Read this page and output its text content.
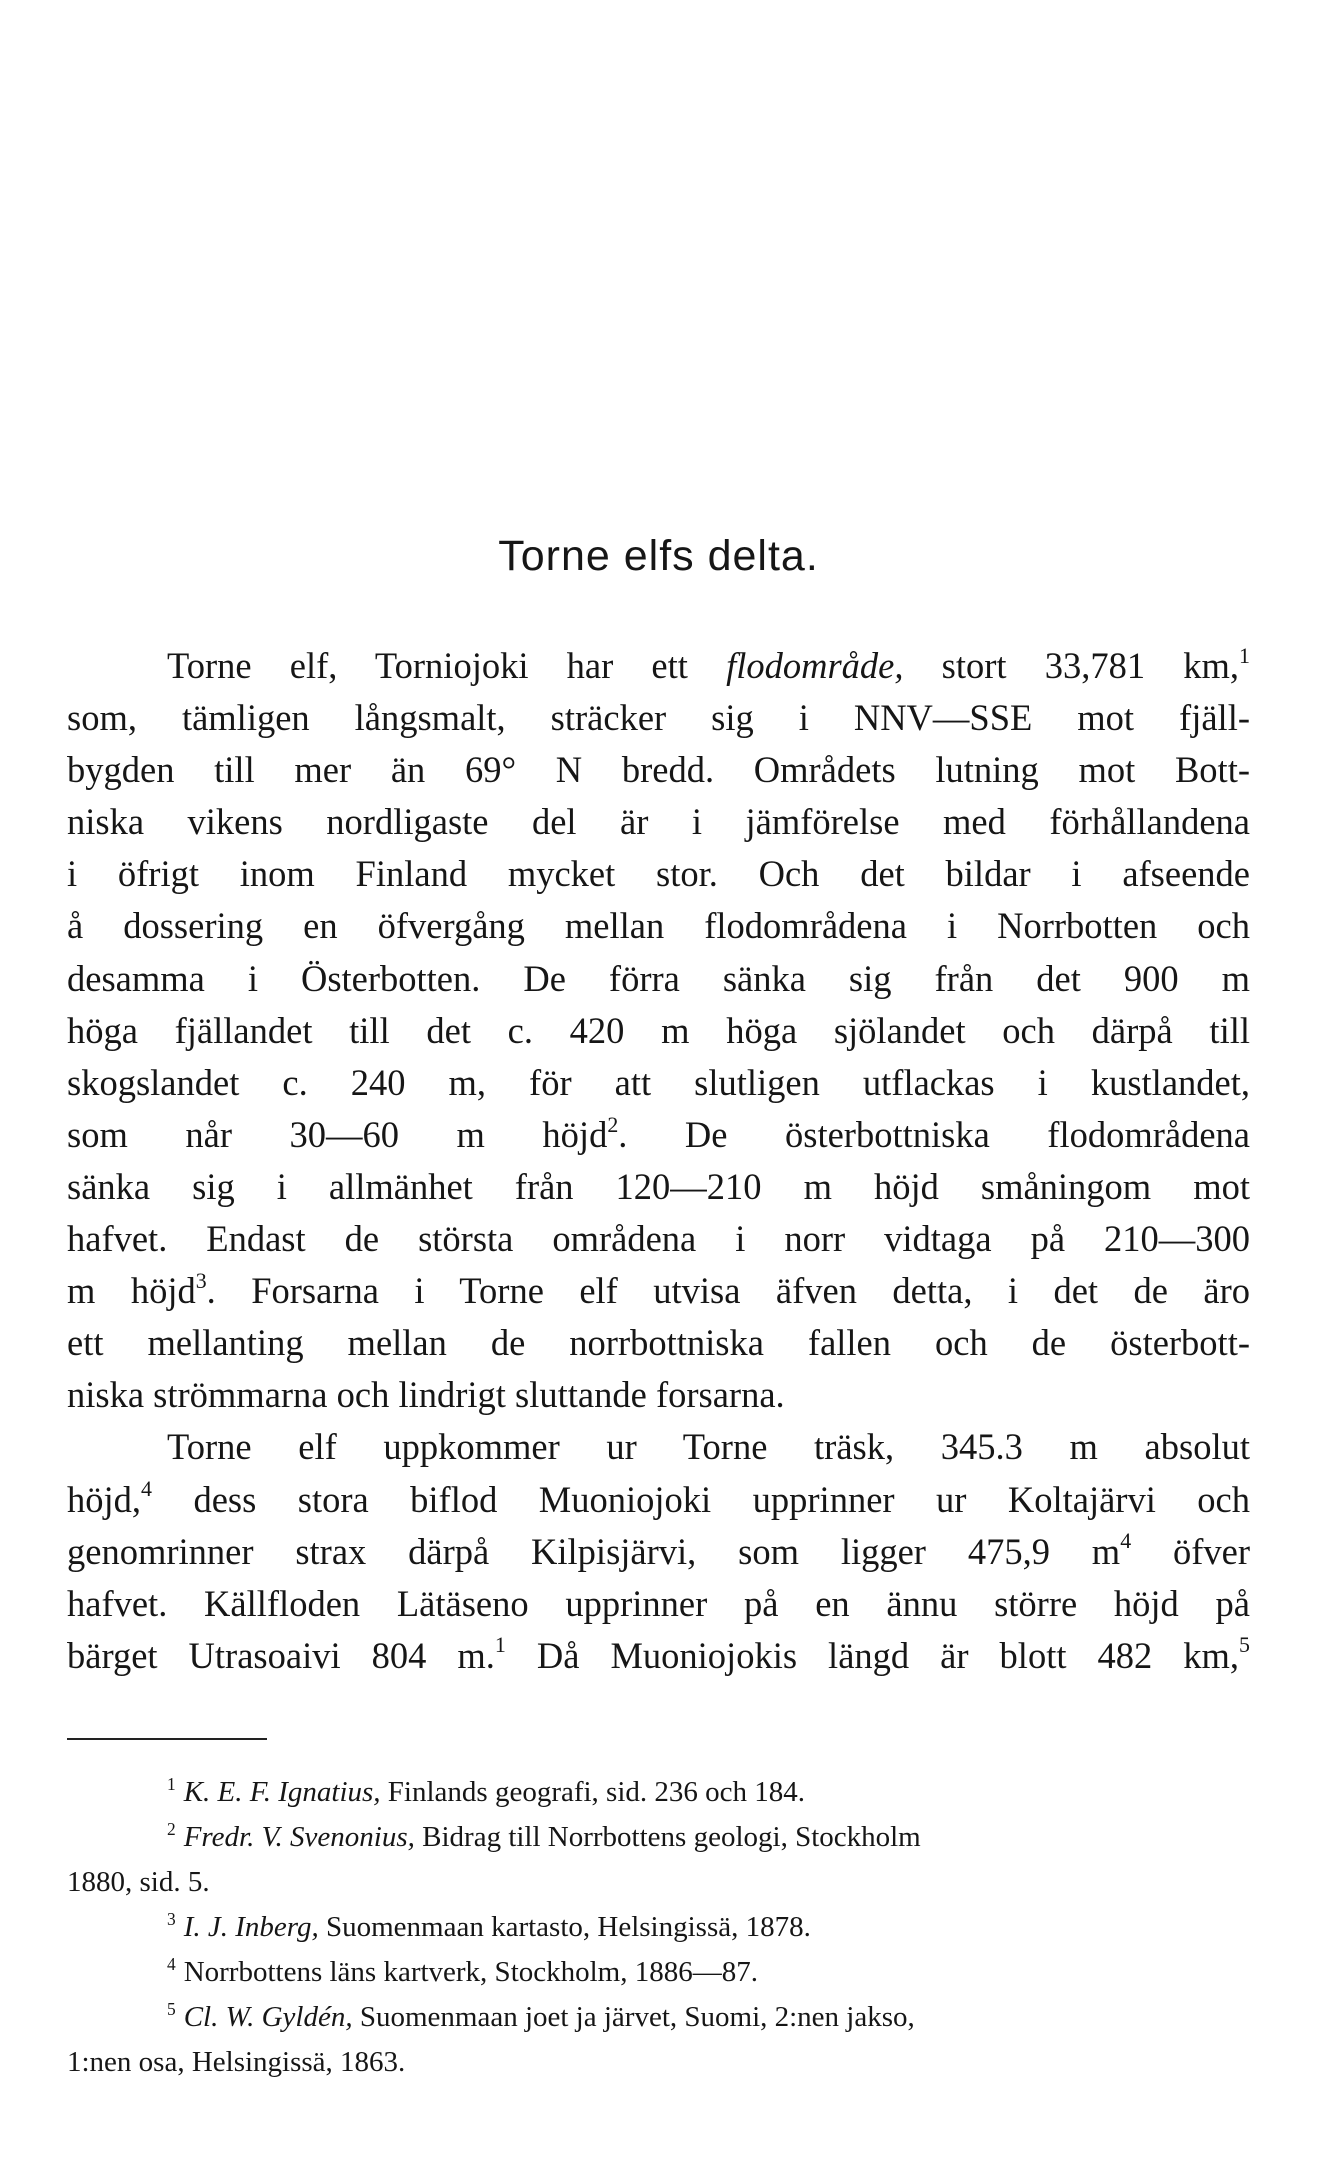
Torne elfs delta.

Torne elf, Torniojoki har ett flodområde, stort 33,781 km,$^1$
som, tämligen långsmalt, sträcker sig i NNV—SSE mot fjäll-
bygden till mer än 69° N bredd. Områdets lutning mot Bott-
niska vikens nordligaste del är i jämförelse med förhållandena
i öfrigt inom Finland mycket stor. Och det bildar i afseende
å dossering en öfvergång mellan flodområdena i Norrbotten och
desamma i Österbotten. De förra sänka sig från det 900 m
höga fjällandet till det c. 420 m höga sjölandet och därpå till
skogslandet c. 240 m, för att slutligen utflackas i kustlandet,
som når 30—60 m höjd$^2$. De österbottniska flodområdena
sänka sig i allmänhet från 120—210 m höjd småningom mot
hafvet. Endast de största områdena i norr vidtaga på 210—300
m höjd$^3$. Forsarna i Torne elf utvisa äfven detta, i det de äro
ett mellanting mellan de norrbottniska fallen och de österbott-
niska strömmarna och lindrigt sluttande forsarna.

Torne elf uppkommer ur Torne träsk, 345.3 m absolut
höjd,$^4$ dess stora biflod Muoniojoki upprinner ur Koltajärvi och
genomrinner strax därpå Kilpisjärvi, som ligger 475,9 $m^4$ öfver
hafvet. Källfloden Lätäseno upprinner på en ännu större höjd på
bärget Utrasoaivi 804 m.$^1$ Då Muoniojokis längd är blott 482 km,$^5$

$^1$ K. E. F. Ignatius, Finlands geografi, sid. 236 och 184.
$^2$ Fredr. V. Svenonius, Bidrag till Norrbottens geologi, Stockholm
1880, sid. 5.
$^3$ I. J. Inberg, Suomenmaan kartasto, Helsingissä, 1878.
$^4$ Norrbottens läns kartverk, Stockholm, 1886—87.
$^5$ Cl. W. Gyldén, Suomenmaan joet ja järvet, Suomi, 2:nen jakso,
1:nen osa, Helsingissä, 1863.
